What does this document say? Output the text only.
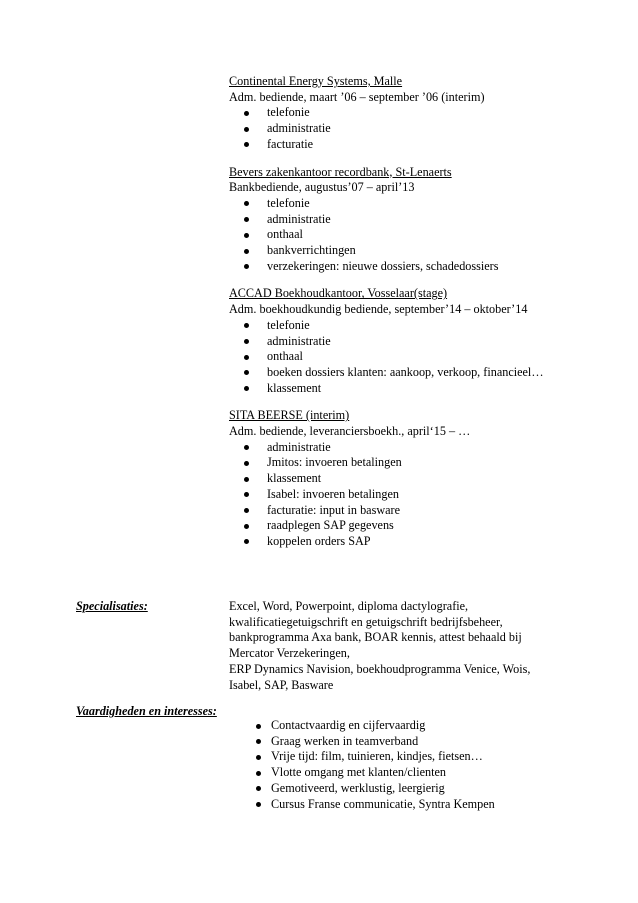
Continental Energy Systems, Malle
Adm. bediende, maart ’06 – september ’06 (interim)
telefonie
administratie
facturatie
Bevers zakenkantoor recordbank, St-Lenaerts
Bankbediende, augustus’07 – april’13
telefonie
administratie
onthaal
bankverrichtingen
verzekeringen: nieuwe dossiers, schadedossiers
ACCAD Boekhoudkantoor, Vosselaar(stage)
Adm. boekhoudkundig bediende, september’14 – oktober’14
telefonie
administratie
onthaal
boeken dossiers klanten: aankoop, verkoop, financieel…
klassement
SITA BEERSE (interim)
Adm. bediende, leveranciersboekh., april‘15 – …
administratie
Jmitos: invoeren betalingen
klassement
Isabel: invoeren betalingen
facturatie: input in basware
raadplegen SAP gegevens
koppelen orders SAP
Specialisaties:	Excel, Word, Powerpoint, diploma dactylografie,
kwalificatiegetuigschrift en getuigschrift bedrijfsbeheer,
bankprogramma Axa bank, BOAR kennis, attest behaald bij
Mercator Verzekeringen,
ERP Dynamics Navision, boekhoudprogramma Venice, Wois,
Isabel, SAP, Basware
Vaardigheden en interesses:
Contactvaardig en cijfervaardig
Graag werken in teamverband
Vrije tijd: film, tuinieren, kindjes, fietsen…
Vlotte omgang met klanten/clienten
Gemotiveerd, werklustig, leergierig
Cursus Franse communicatie, Syntra Kempen
